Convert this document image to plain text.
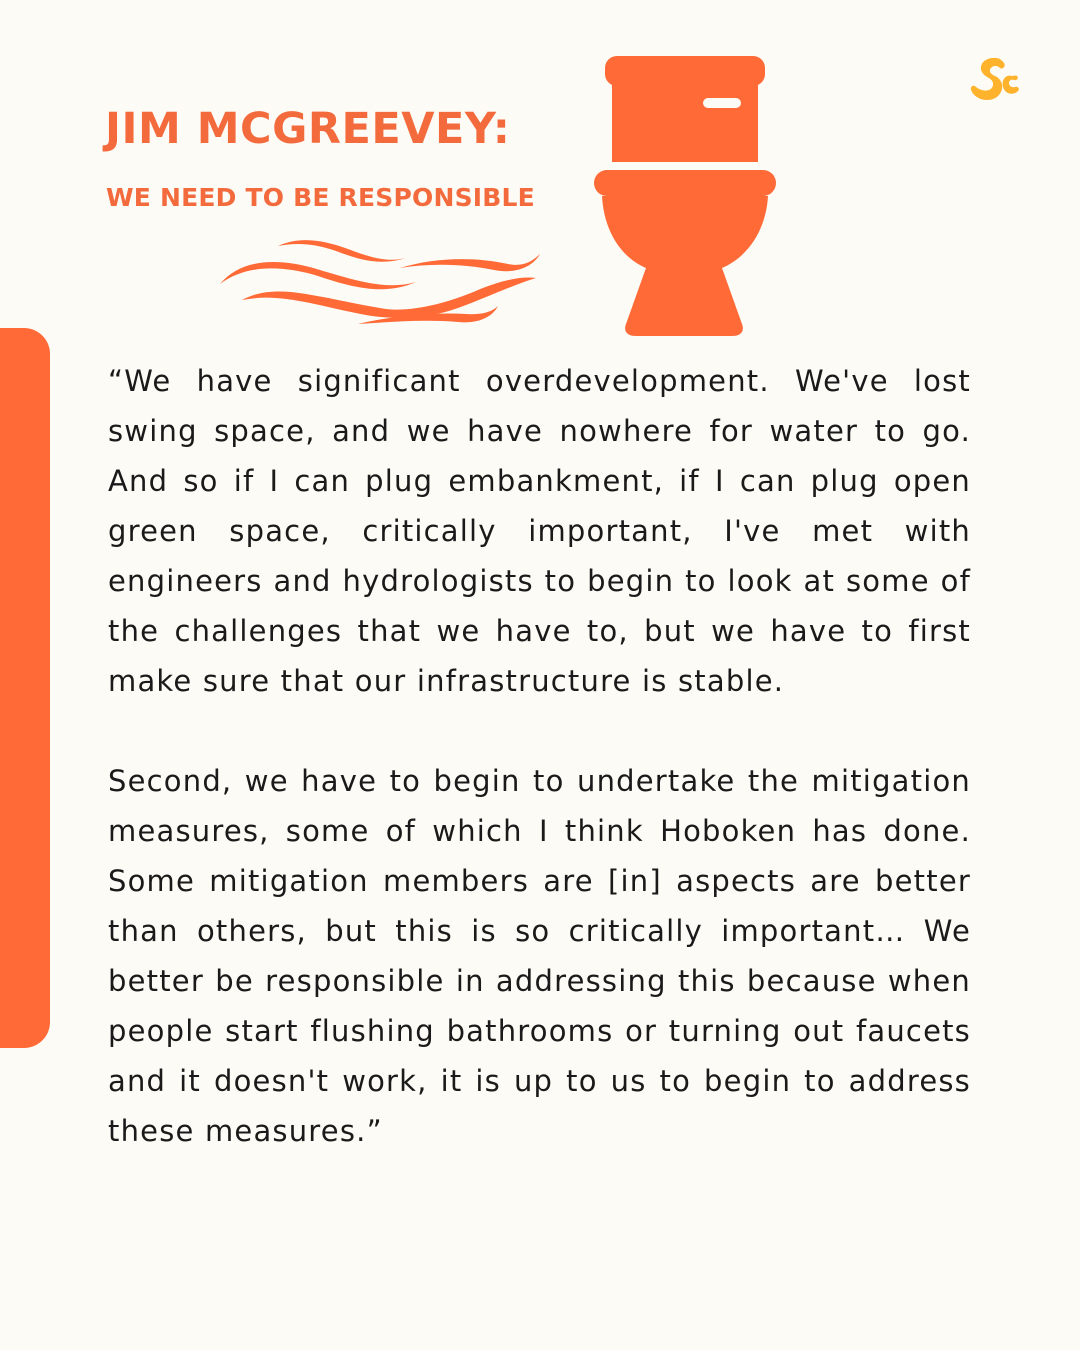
JIM MCGREEVEY:
WE NEED TO BE RESPONSIBLE

“We have significant overdevelopment. We've lost swing space, and we have nowhere for water to go. And so if I can plug embankment, if I can plug open green space, critically important, I've met with engineers and hydrologists to begin to look at some of the challenges that we have to, but we have to first make sure that our infrastructure is stable.

Second, we have to begin to undertake the mitigation measures, some of which I think Hoboken has done. Some mitigation members are [in] aspects are better than others, but this is so critically important… We better be responsible in addressing this because when people start flushing bathrooms or turning out faucets and it doesn't work, it is up to us to begin to address these measures.”
